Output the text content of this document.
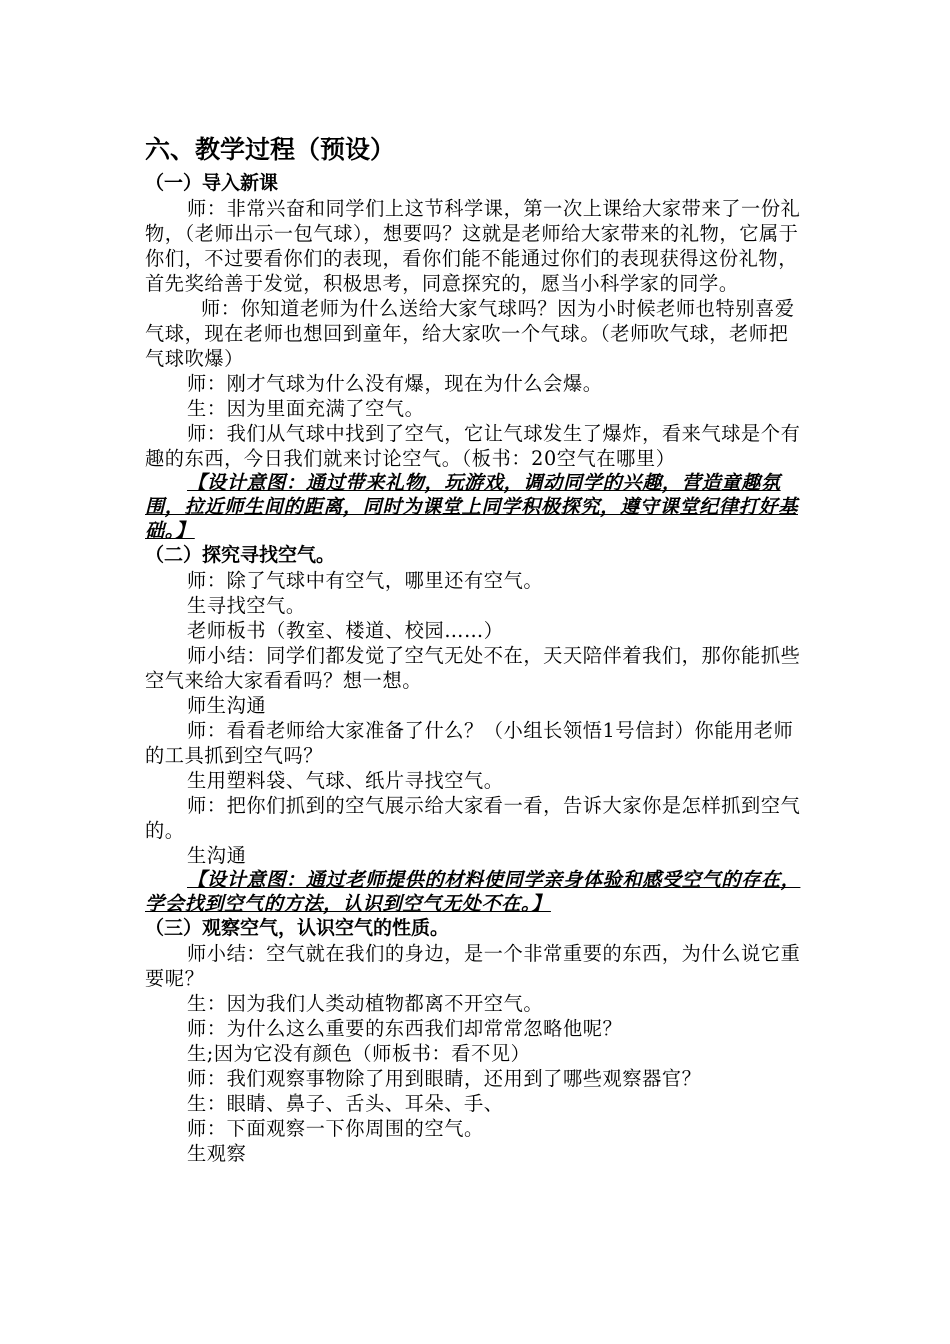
六、教学过程（预设）
（一）导入新课

师：非常兴奋和同学们上这节科学课，第一次上课给大家带来了一份礼物，（老师出示一包气球），想要吗？这就是老师给大家带来的礼物，它属于你们，不过要看你们的表现，看你们能不能通过你们的表现获得这份礼物，首先奖给善于发觉，积极思考，同意探究的，愿当小科学家的同学。

师：你知道老师为什么送给大家气球吗？因为小时候老师也特别喜爱气球，现在老师也想回到童年，给大家吹一个气球。（老师吹气球，老师把气球吹爆）

师：刚才气球为什么没有爆，现在为什么会爆。

生：因为里面充满了空气。

师：我们从气球中找到了空气，它让气球发生了爆炸，看来气球是个有趣的东西，今日我们就来讨论空气。（板书：20空气在哪里）

【设计意图：通过带来礼物，玩游戏，调动同学的兴趣，营造童趣氛围，拉近师生间的距离，同时为课堂上同学积极探究，遵守课堂纪律打好基础。】

（二）探究寻找空气。

师：除了气球中有空气，哪里还有空气。

生寻找空气。

老师板书（教室、楼道、校园……）

师小结：同学们都发觉了空气无处不在，天天陪伴着我们，那你能抓些空气来给大家看看吗？想一想。

师生沟通

师：看看老师给大家准备了什么？（小组长领悟1号信封）你能用老师的工具抓到空气吗？

生用塑料袋、气球、纸片寻找空气。

师：把你们抓到的空气展示给大家看一看，告诉大家你是怎样抓到空气的。

生沟通

【设计意图：通过老师提供的材料使同学亲身体验和感受空气的存在，学会找到空气的方法，认识到空气无处不在。】

（三）观察空气，认识空气的性质。

师小结：空气就在我们的身边，是一个非常重要的东西，为什么说它重要呢？

生：因为我们人类动植物都离不开空气。

师：为什么这么重要的东西我们却常常忽略他呢？

生;因为它没有颜色（师板书：看不见）

师：我们观察事物除了用到眼睛，还用到了哪些观察器官？

生：眼睛、鼻子、舌头、耳朵、手、

师：下面观察一下你周围的空气。

生观察
